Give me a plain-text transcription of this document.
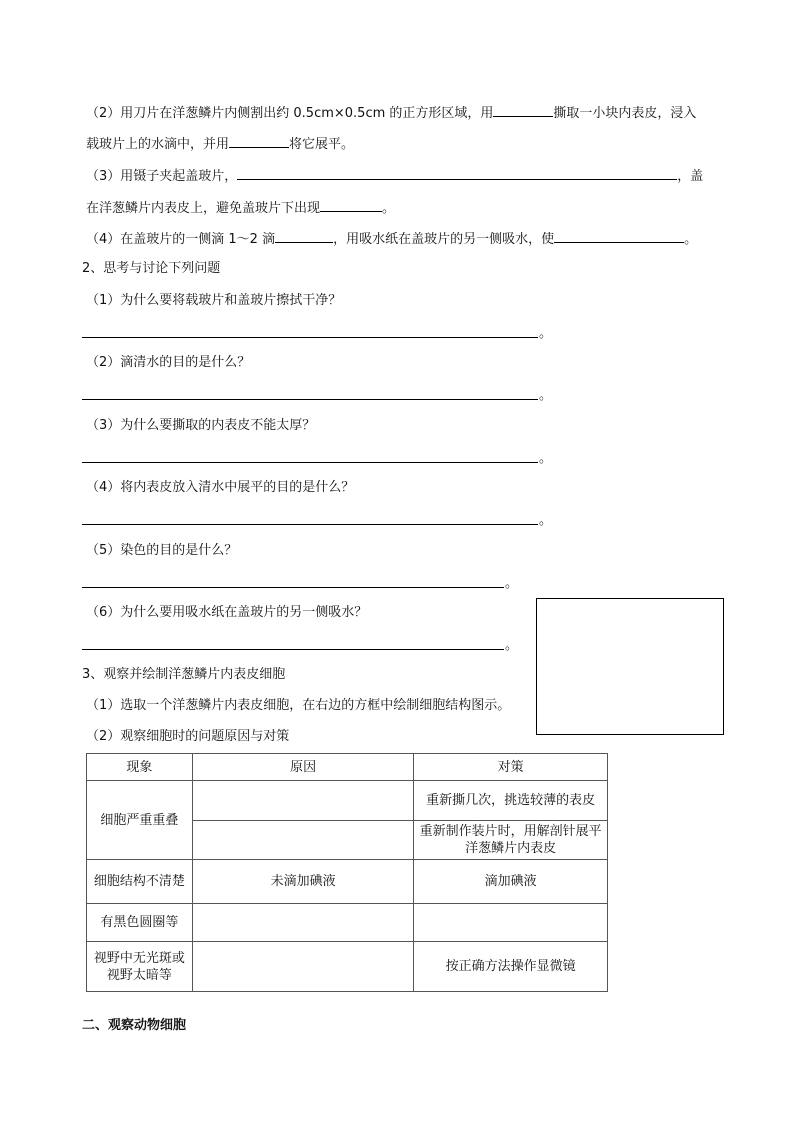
（2）用刀片在洋葱鳞片内侧割出约 0.5cm×0.5cm 的正方形区域，用	撕取一小块内表皮，浸入
载玻片上的水滴中，并用	将它展平。
（3）用镊子夹起盖玻片，	，盖
在洋葱鳞片内表皮上，避免盖玻片下出现	。
（4）在盖玻片的一侧滴 1～2 滴	，用吸水纸在盖玻片的另一侧吸水，使	。
2、思考与讨论下列问题
（1）为什么要将载玻片和盖玻片擦拭干净？
。
（2）滴清水的目的是什么？
。
（3）为什么要撕取的内表皮不能太厚？
。
（4）将内表皮放入清水中展平的目的是什么？
。
（5）染色的目的是什么？
。
（6）为什么要用吸水纸在盖玻片的另一侧吸水？
。
3、观察并绘制洋葱鳞片内表皮细胞
（1）选取一个洋葱鳞片内表皮细胞，在右边的方框中绘制细胞结构图示。
（2）观察细胞时的问题原因与对策
现象	原因	对策
细胞严重重叠		重新撕几次，挑选较薄的表皮
		重新制作装片时，用解剖针展平洋葱鳞片内表皮
细胞结构不清楚	未滴加碘液	滴加碘液
有黑色圆圈等		
视野中无光斑或视野太暗等		按正确方法操作显微镜
二、观察动物细胞
